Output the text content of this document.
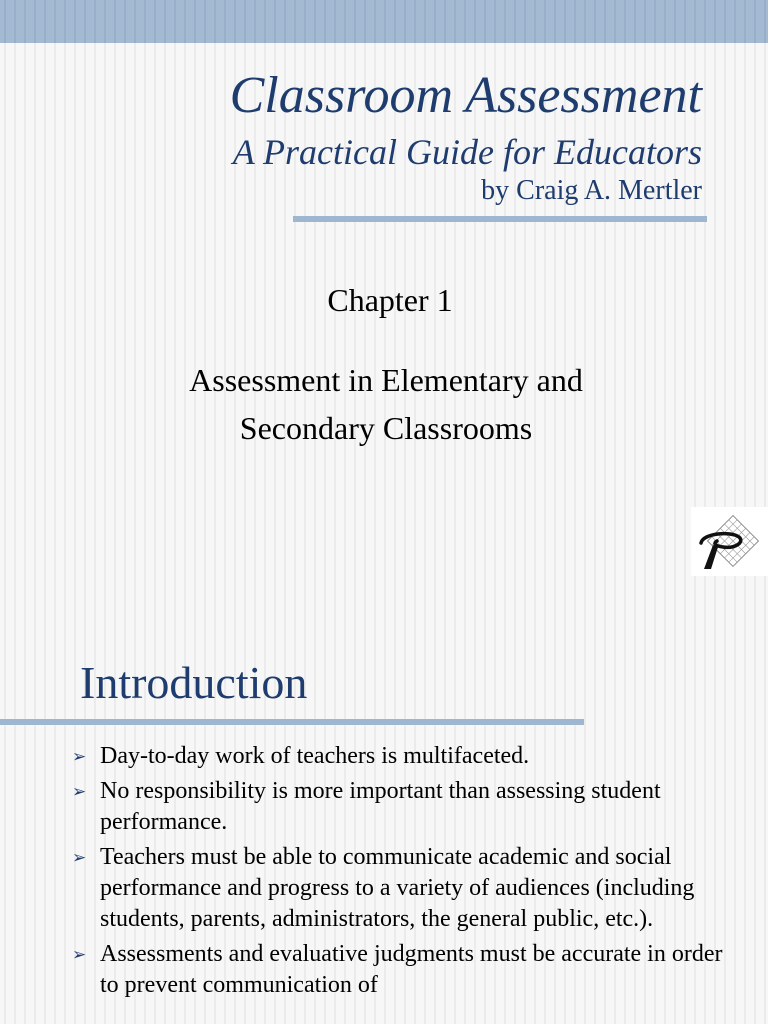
Classroom Assessment
A Practical Guide for Educators
by Craig A. Mertler
Chapter 1
Assessment in Elementary and
Secondary Classrooms
Introduction
➢ Day-to-day work of teachers is multifaceted.
➢ No responsibility is more important than assessing student performance.
➢ Teachers must be able to communicate academic and social performance and progress to a variety of audiences (including students, parents, administrators, the general public, etc.).
➢ Assessments and evaluative judgments must be accurate in order to prevent communication of
